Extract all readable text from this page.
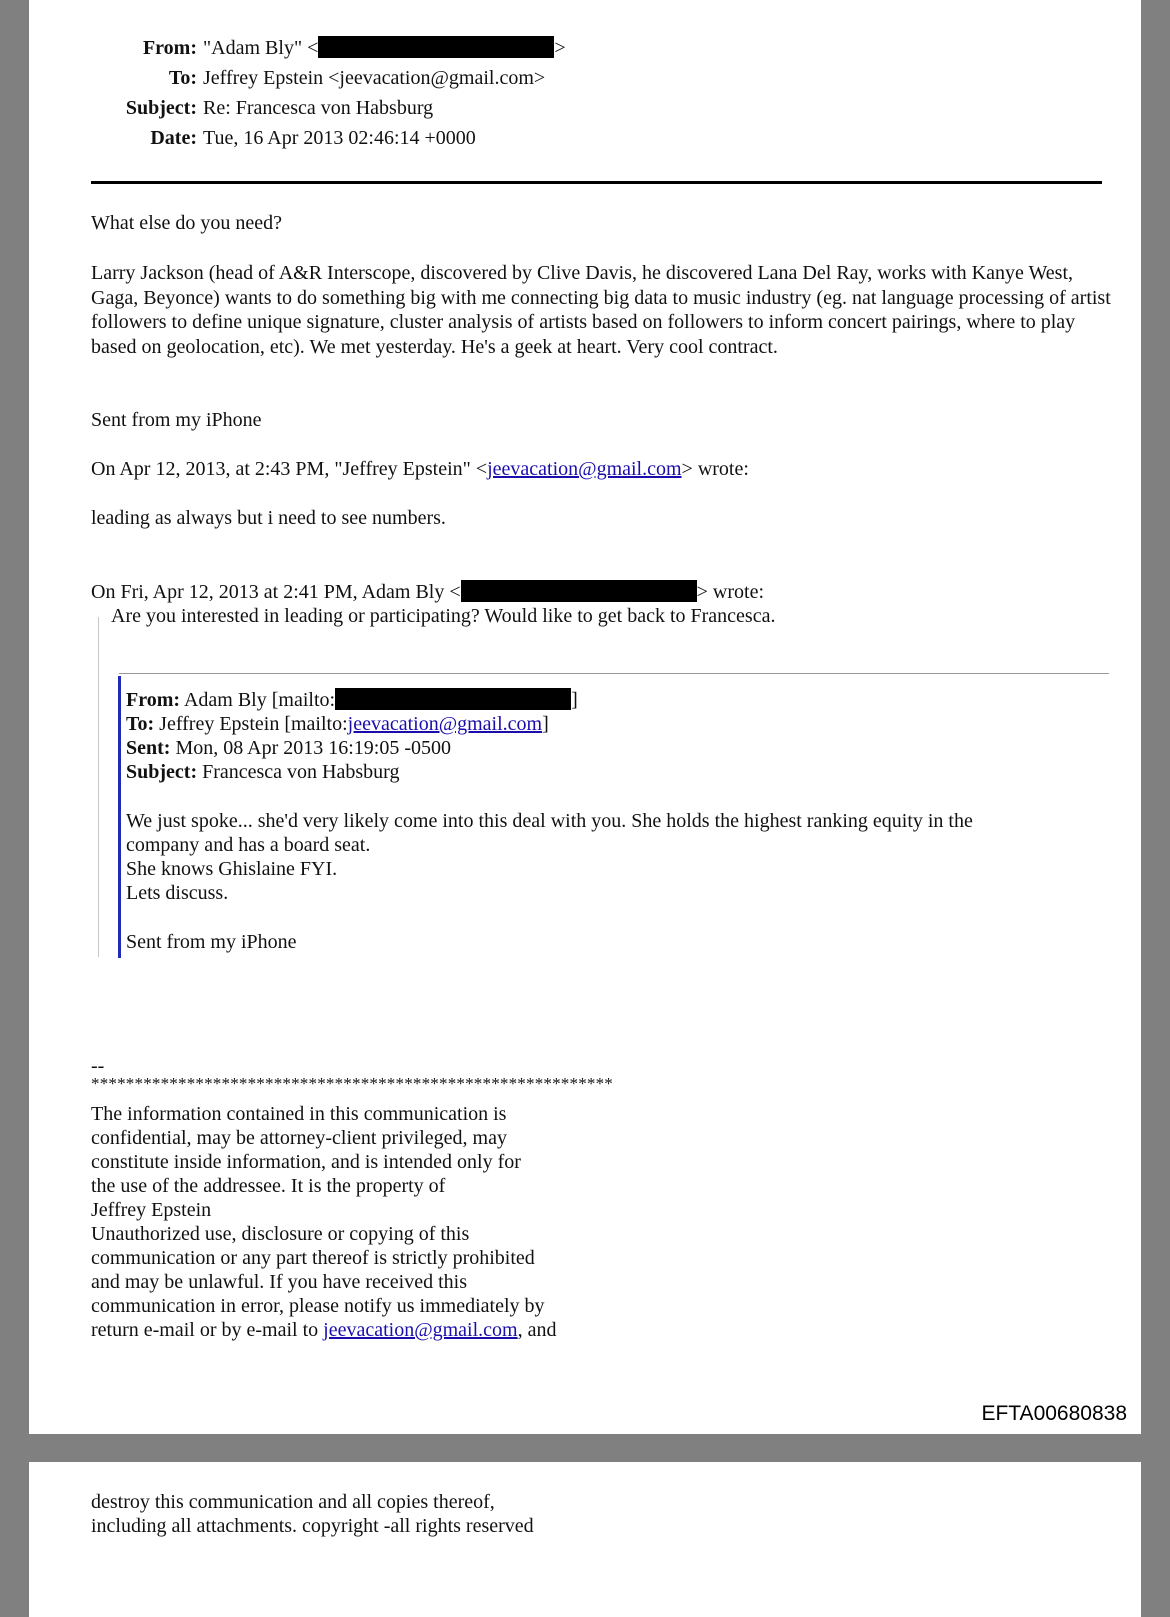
From: "Adam Bly" <	>
To: Jeffrey Epstein <jeevacation@gmail.com>
Subject: Re: Francesca von Habsburg
Date: Tue, 16 Apr 2013 02:46:14 +0000

What else do you need?

Larry Jackson (head of A&R Interscope, discovered by Clive Davis, he discovered Lana Del Ray, works with Kanye West, Gaga, Beyonce) wants to do something big with me connecting big data to music industry (eg. nat language processing of artist followers to define unique signature, cluster analysis of artists based on followers to inform concert pairings, where to play based on geolocation, etc). We met yesterday. He's a geek at heart. Very cool contract.

Sent from my iPhone

On Apr 12, 2013, at 2:43 PM, "Jeffrey Epstein" <jeevacation@gmail.com> wrote:

leading as always but i need to see numbers.

On Fri, Apr 12, 2013 at 2:41 PM, Adam Bly <	> wrote:

Are you interested in leading or participating? Would like to get back to Francesca.

From: Adam Bly [mailto:	]

To: Jeffrey Epstein [mailto:jeevacation@gmail.com]

Sent: Mon, 08 Apr 2013 16:19:05 -0500

Subject: Francesca von Habsburg

We just spoke... she'd very likely come into this deal with you. She holds the highest ranking equity in the

company and has a board seat.

She knows Ghislaine FYI.

Lets discuss.

Sent from my iPhone

--

************************************************************

The information contained in this communication is

confidential, may be attorney-client privileged, may

constitute inside information, and is intended only for

the use of the addressee. It is the property of

Jeffrey Epstein

Unauthorized use, disclosure or copying of this

communication or any part thereof is strictly prohibited

and may be unlawful. If you have received this

communication in error, please notify us immediately by

return e-mail or by e-mail to jeevacation@gmail.com, and

EFTA00680838

destroy this communication and all copies thereof,

including all attachments. copyright -all rights reserved
